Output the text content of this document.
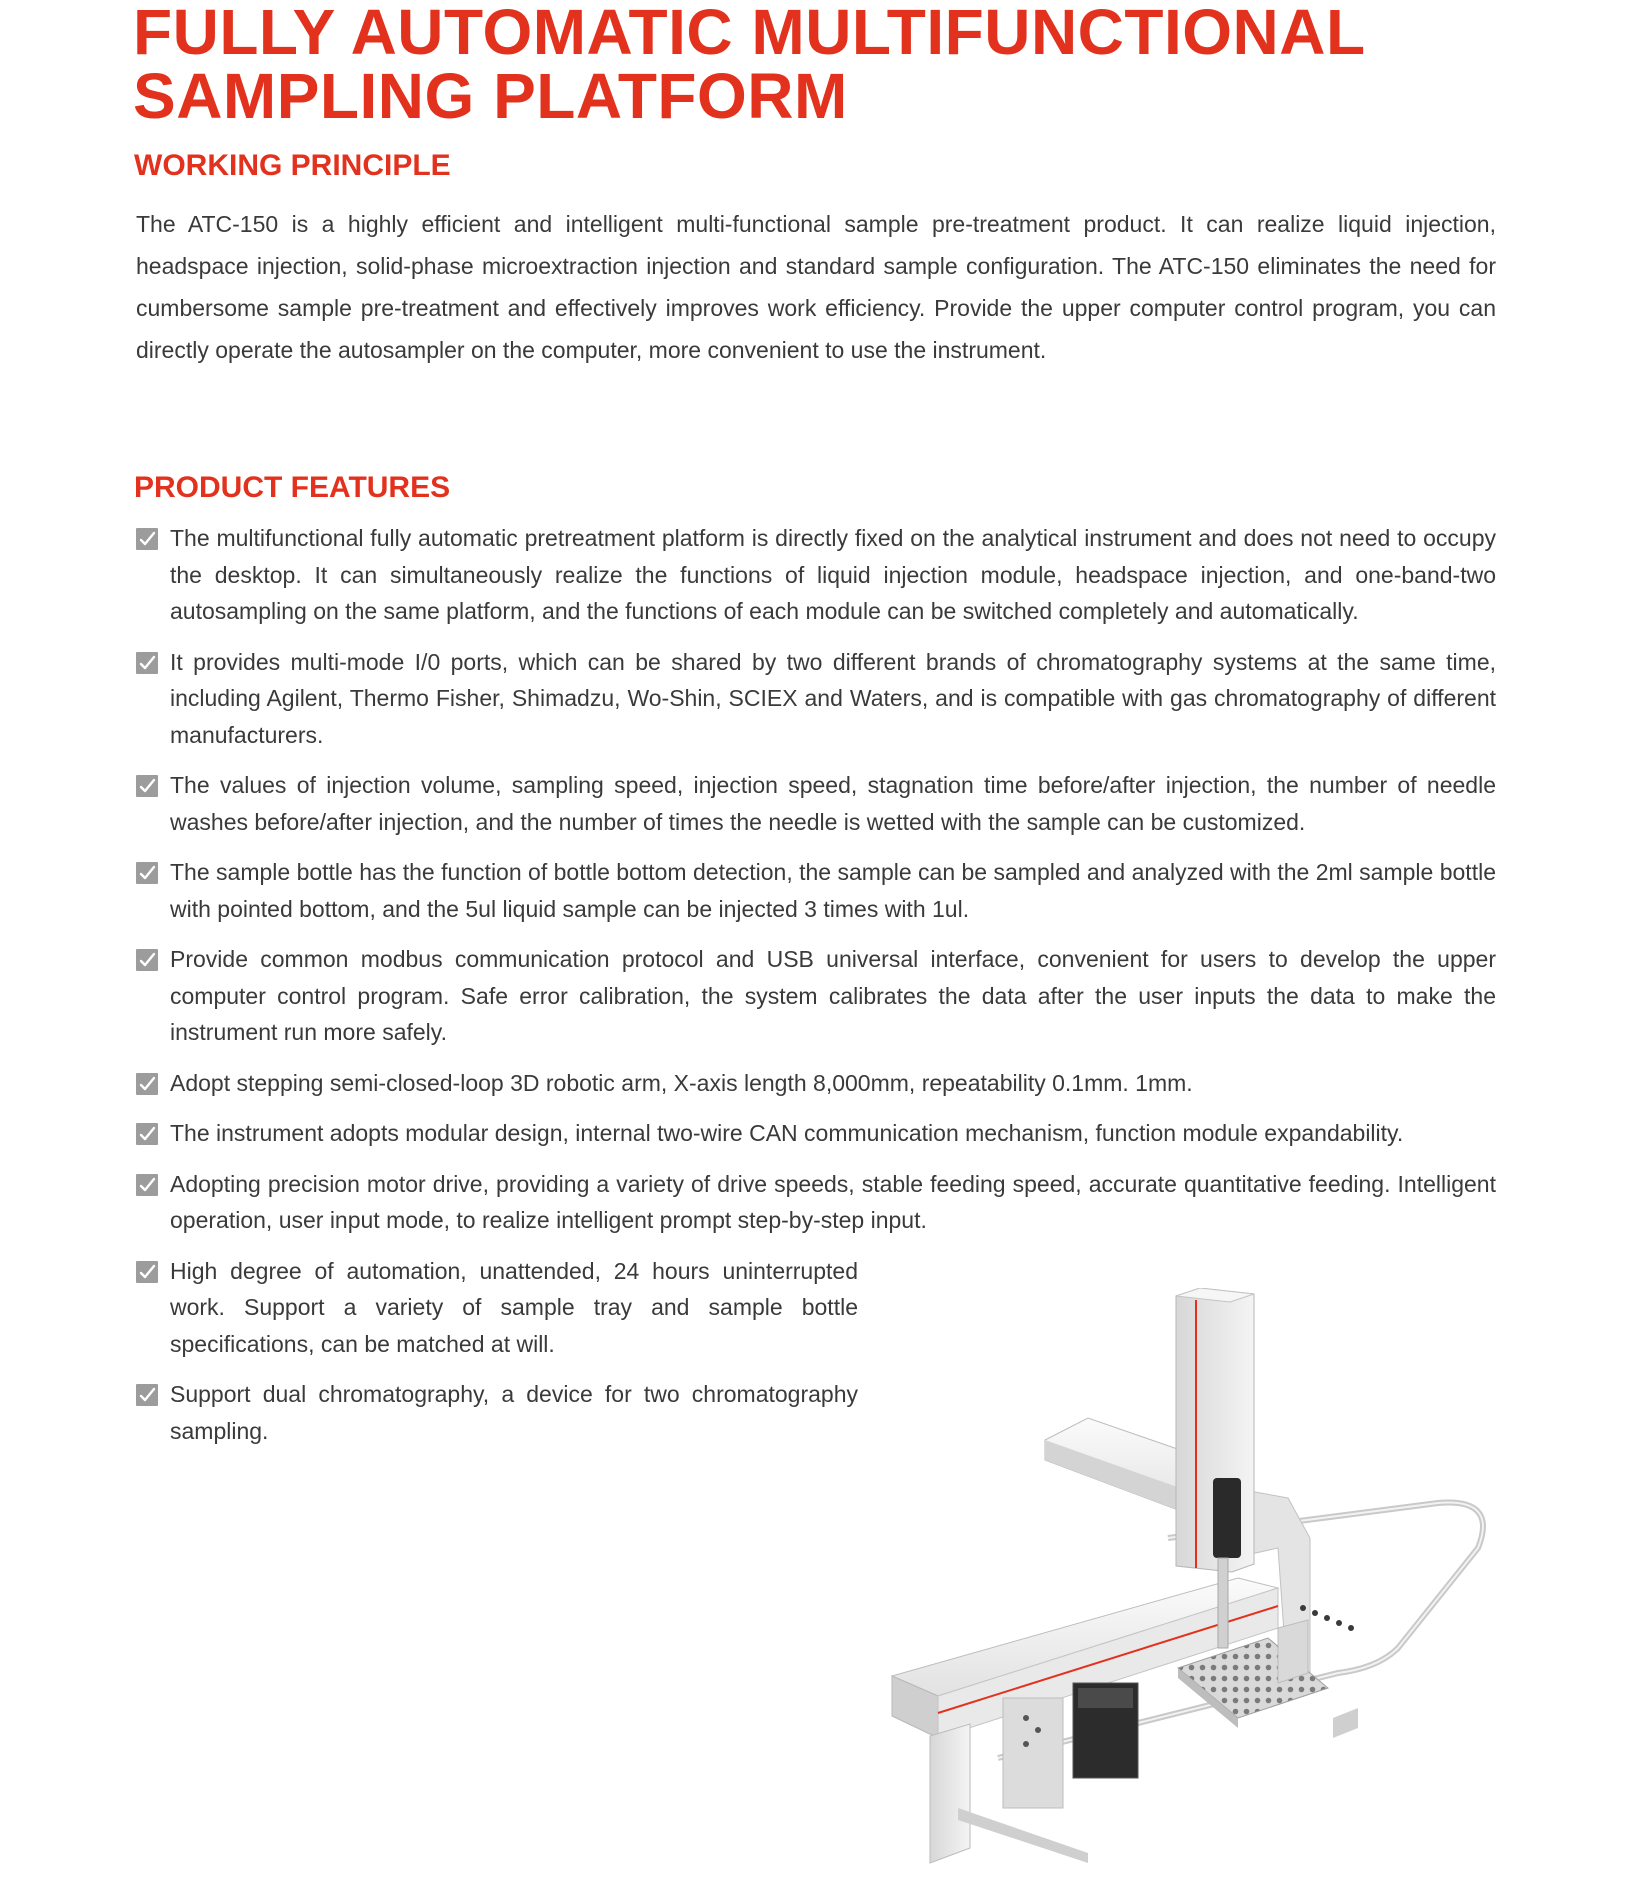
FULLY AUTOMATIC MULTIFUNCTIONAL
SAMPLING PLATFORM
WORKING PRINCIPLE

The ATC-150 is a highly efficient and intelligent multi-functional sample pre-treatment product. It can realize liquid injection, headspace injection, solid-phase microextraction injection and standard sample configuration. The ATC-150 eliminates the need for cumbersome sample pre-treatment and effectively improves work efficiency. Provide the upper computer control program, you can directly operate the autosampler on the computer, more convenient to use the instrument.

PRODUCT FEATURES
The multifunctional fully automatic pretreatment platform is directly fixed on the analytical instrument and does not need to occupy the desktop. It can simultaneously realize the functions of liquid injection module, headspace injection, and one-band-two autosampling on the same platform, and the functions of each module can be switched completely and automatically.
It provides multi-mode I/0 ports, which can be shared by two different brands of chromatography systems at the same time, including Agilent, Thermo Fisher, Shimadzu, Wo-Shin, SCIEX and Waters, and is compatible with gas chromatography of different manufacturers.
The values of injection volume, sampling speed, injection speed, stagnation time before/after injection, the number of needle washes before/after injection, and the number of times the needle is wetted with the sample can be customized.
The sample bottle has the function of bottle bottom detection, the sample can be sampled and analyzed with the 2ml sample bottle with pointed bottom, and the 5ul liquid sample can be injected 3 times with 1ul.
Provide common modbus communication protocol and USB universal interface, convenient for users to develop the upper computer control program. Safe error calibration, the system calibrates the data after the user inputs the data to make the instrument run more safely.
Adopt stepping semi-closed-loop 3D robotic arm, X-axis length 8,000mm, repeatability 0.1mm. 1mm.
The instrument adopts modular design, internal two-wire CAN communication mechanism, function module expandability.
Adopting precision motor drive, providing a variety of drive speeds, stable feeding speed, accurate quantitative feeding. Intelligent operation, user input mode, to realize intelligent prompt step-by-step input.
High degree of automation, unattended, 24 hours uninterrupted work. Support a variety of sample tray and sample bottle specifications, can be matched at will.
Support dual chromatography, a device for two chromatography sampling.
